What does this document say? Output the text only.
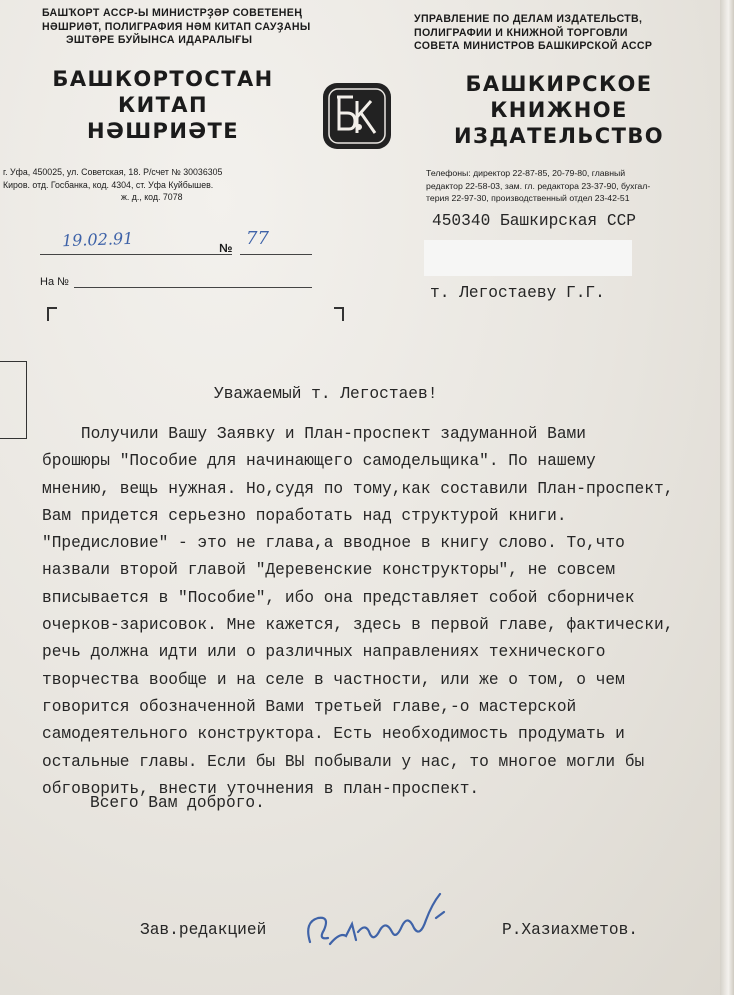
БАШҠОРТ АССР-Ы МИНИСТРҘӘР СОВЕТЕНЕҢ
НӘШРИӘТ, ПОЛИГРАФИЯ НӘМ КИТАП САУҘАНЫ
ЭШТӘРЕ БУЙЫНСА ИДАРАЛЫҒЫ
БАШКОРТОСТАН
КИТАП
НӘШРИӘТЕ
г. Уфа, 450025, ул. Советская, 18. Р/счет № 30036305
Киров. отд. Госбанка, код. 4304, ст. Уфа Куйбышев.
ж. д., код. 7078
УПРАВЛЕНИЕ ПО ДЕЛАМ ИЗДАТЕЛЬСТВ,
ПОЛИГРАФИИ И КНИЖНОЙ ТОРГОВЛИ
СОВЕТА МИНИСТРОВ БАШКИРСКОЙ АССР
БАШКИРСКОЕ
КНИЖНОЕ
ИЗДАТЕЛЬСТВО
Телефоны: директор 22-87-85, 20-79-80, главный
редактор 22-58-03, зам. гл. редактора 23-37-90, бухгал-
терия 22-97-30, производственный отдел 23-42-51
19.02.91	№ 77
На №
450340 Башкирская ССР
т. Легостаеву Г.Г.
Уважаемый т. Легостаев!
Получили Вашу Заявку и План-проспект задуманной Вами
брошюры "Пособие для начинающего самодельщика". По нашему
мнению, вещь нужная. Но,судя по тому,как составили План-проспект,
Вам придется серьезно поработать над структурой книги.
"Предисловие" - это не глава,а вводное в книгу слово. То,что
назвали второй главой "Деревенские конструкторы", не совсем
вписывается в "Пособие", ибо она представляет собой сборничек
очерков-зарисовок. Мне кажется, здесь в первой главе, фактически,
речь должна идти или о различных направлениях технического
творчества вообще и на селе в частности, или же о том, о чем
говорится обозначенной Вами третьей главе,-о мастерской
самодеятельного конструктора. Есть необходимость продумать и
остальные главы. Если бы ВЫ побывали у нас, то многое могли бы
обговорить, внести уточнения в план-проспект.
Всего Вам доброго.
Зав.редакцией	Р.Хазиахметов.
